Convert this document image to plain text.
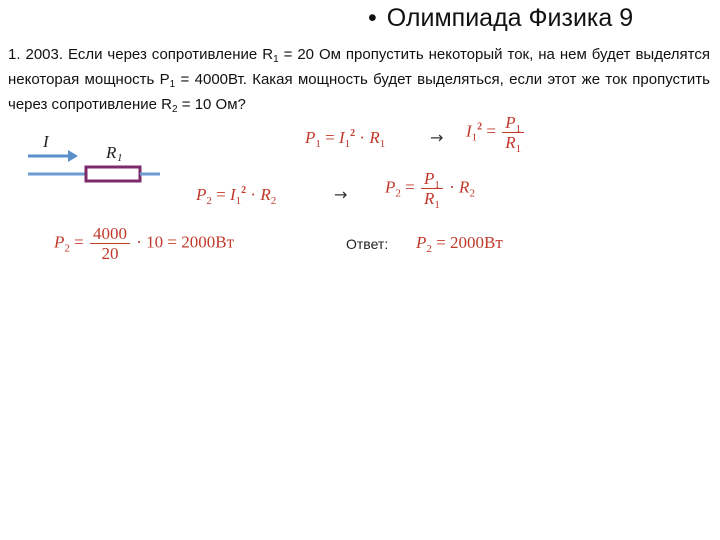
• Олимпиада Физика 9
1. 2003. Если через сопротивление $R_1 = 20$ Ом пропустить некоторый ток, на нем будет выделятся некоторая мощность $P_1 = 4000Вт$. Какая мощность будет выделяться, если этот же ток пропустить через сопротивление $R_2 = 10$ Ом?
I
R 1
$P_1 = I_1^2 \cdot R_1$	→ $I_1^2 = \frac{P_1}{R_1}$
$P_2 = I_1^2 \cdot R_2$	→ $P_2 = \frac{P_1}{R_1} \cdot R_2$
$P_2 = \frac{4000}{20} \cdot 10 = 2000Вт$	Ответ: $P_2 = 2000Вт$
